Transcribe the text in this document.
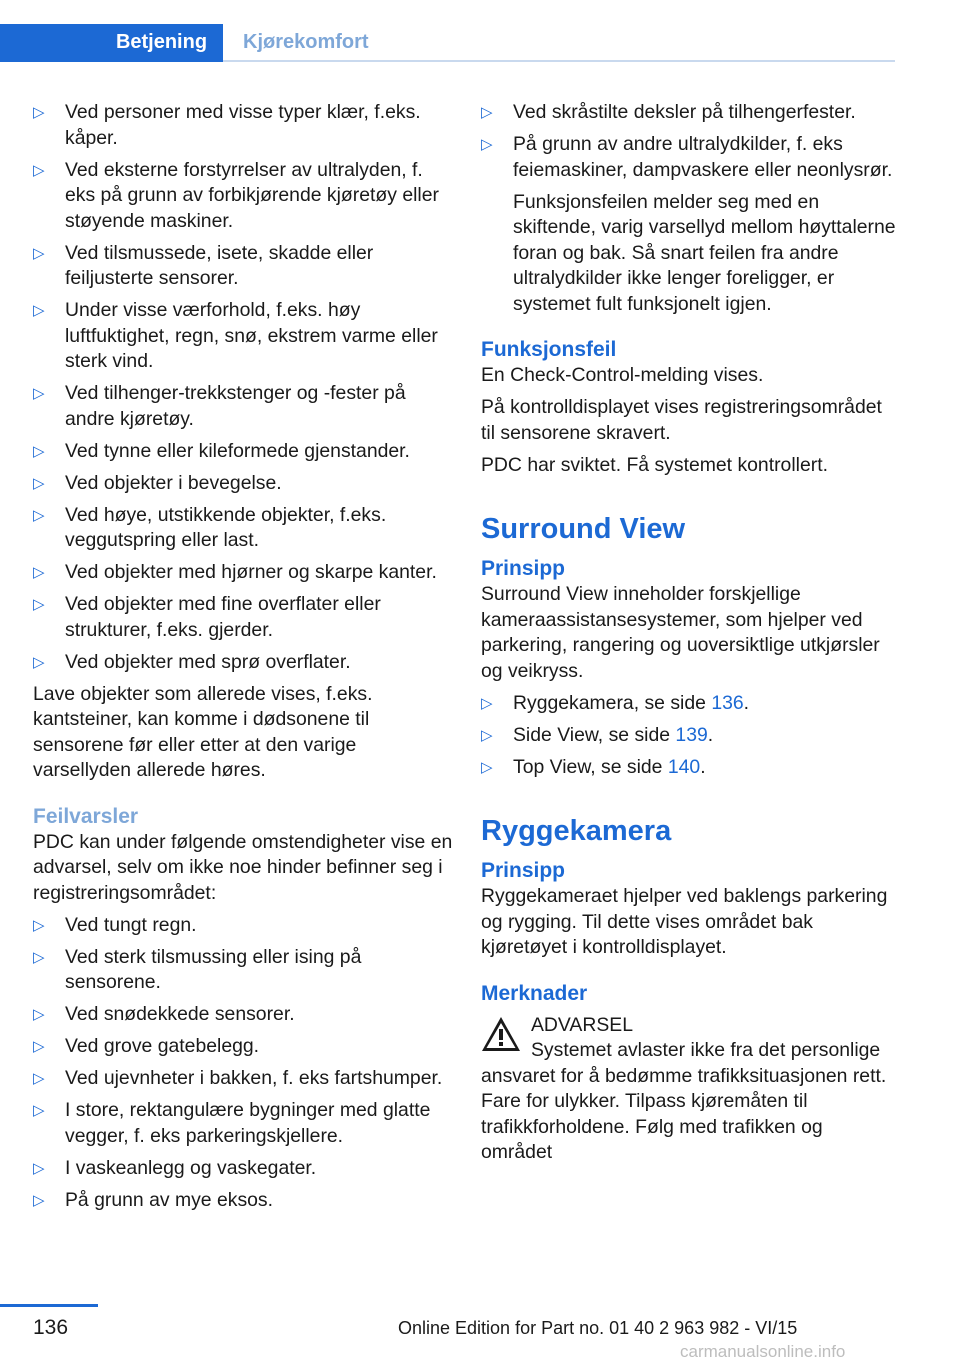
Betjening Kjørekomfort
▷ Ved personer med visse typer klær, f.eks. kåper.
▷ Ved eksterne forstyrrelser av ultralyden, f. eks på grunn av forbikjørende kjøretøy eller støyende maskiner.
▷ Ved tilsmussede, isete, skadde eller feiljusterte sensorer.
▷ Under visse værforhold, f.eks. høy luftfuktighet, regn, snø, ekstrem varme eller sterk vind.
▷ Ved tilhenger-trekkstenger og -fester på andre kjøretøy.
▷ Ved tynne eller kileformede gjenstander.
▷ Ved objekter i bevegelse.
▷ Ved høye, utstikkende objekter, f.eks. veggutspring eller last.
▷ Ved objekter med hjørner og skarpe kanter.
▷ Ved objekter med fine overflater eller strukturer, f.eks. gjerder.
▷ Ved objekter med sprø overflater.

Lave objekter som allerede vises, f.eks. kantsteiner, kan komme i dødsonene til sensorene før eller etter at den varige varsellyden allerede høres.

Feilvarsler

PDC kan under følgende omstendigheter vise en advarsel, selv om ikke noe hinder befinner seg i registreringsområdet:

▷ Ved tungt regn.
▷ Ved sterk tilsmussing eller ising på sensorene.
▷ Ved snødekkede sensorer.
▷ Ved grove gatebelegg.
▷ Ved ujevnheter i bakken, f. eks fartshumper.
▷ I store, rektangulære bygninger med glatte vegger, f. eks parkeringskjellere.
▷ I vaskeanlegg og vaskegater.
▷ På grunn av mye eksos.
▷ Ved skråstilte deksler på tilhengerfester.
▷ På grunn av andre ultralydkilder, f. eks feiemaskiner, dampvaskere eller neonlysrør.

Funksjonsfeilen melder seg med en skiftende, varig varsellyd mellom høyttalerne foran og bak. Så snart feilen fra andre ultralydkilder ikke lenger foreligger, er systemet fult funksjonelt igjen.

Funksjonsfeil

En Check-Control-melding vises.

På kontrolldisplayet vises registreringsområdet til sensorene skravert.

PDC har sviktet. Få systemet kontrollert.

Surround View
Prinsipp

Surround View inneholder forskjellige kameraassistansesystemer, som hjelper ved parkering, rangering og uoversiktlige utkjørsler og veikryss.

▷ Ryggekamera, se side 136.
▷ Side View, se side 139.
▷ Top View, se side 140.
Ryggekamera
Prinsipp

Ryggekameraet hjelper ved baklengs parkering og rygging. Til dette vises området bak kjøretøyet i kontrolldisplayet.

Merknader
ADVARSEL
Systemet avlaster ikke fra det personlige
ansvaret for å bedømme trafikksituasjonen rett. Fare for ulykker. Tilpass kjøremåten til trafikkforholdene. Følg med trafikken og området
136	Online Edition for Part no. 01 40 2 963 982 - VI/15
carmanualsonline.info
